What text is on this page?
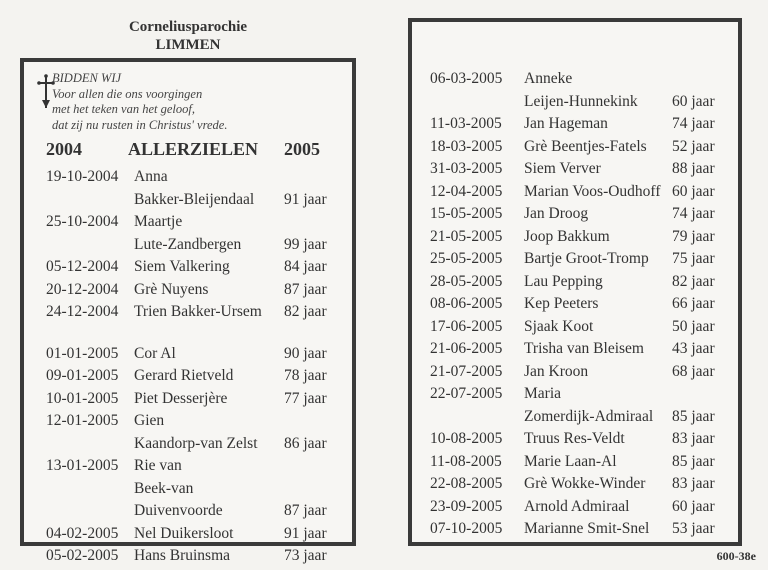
Corneliusparochie
LIMMEN
BIDDEN WIJ
Voor allen die ons voorgingen
met het teken van het geloof,
dat zij nu rusten in Christus' vrede.
2004	ALLERZIELEN 2005
19-10-2004 Anna
Bakker-Bleijendaal	91 jaar
25-10-2004 Maartje
Lute-Zandbergen	99 jaar
05-12-2004 Siem Valkering	84 jaar
20-12-2004 Grè Nuyens	87 jaar
24-12-2004 Trien Bakker-Ursem	82 jaar
01-01-2005 Cor Al	90 jaar
09-01-2005 Gerard Rietveld	78 jaar
10-01-2005 Piet Desserjère	77 jaar
12-01-2005 Gien
Kaandorp-van Zelst	86 jaar
13-01-2005 Rie van
Beek-van Duivenvoorde	87 jaar
04-02-2005 Nel Duikersloot	91 jaar
05-02-2005 Hans Bruinsma	73 jaar
06-03-2005 Anneke
Leijen-Hunnekink	60 jaar
11-03-2005 Jan Hageman	74 jaar
18-03-2005 Grè Beentjes-Fatels	52 jaar
31-03-2005 Siem Verver	88 jaar
12-04-2005 Marian Voos-Oudhoff 60 jaar
15-05-2005 Jan Droog	74 jaar
21-05-2005 Joop Bakkum	79 jaar
25-05-2005 Bartje Groot-Tromp	75 jaar
28-05-2005 Lau Pepping	82 jaar
08-06-2005 Kep Peeters	66 jaar
17-06-2005 Sjaak Koot	50 jaar
21-06-2005 Trisha van Bleisem	43 jaar
21-07-2005 Jan Kroon	68 jaar
22-07-2005 Maria
Zomerdijk-Admiraal	85 jaar
10-08-2005 Truus Res-Veldt	83 jaar
11-08-2005 Marie Laan-Al	85 jaar
22-08-2005 Grè Wokke-Winder	83 jaar
23-09-2005 Arnold Admiraal	60 jaar
07-10-2005 Marianne Smit-Snel	53 jaar
600-38e
